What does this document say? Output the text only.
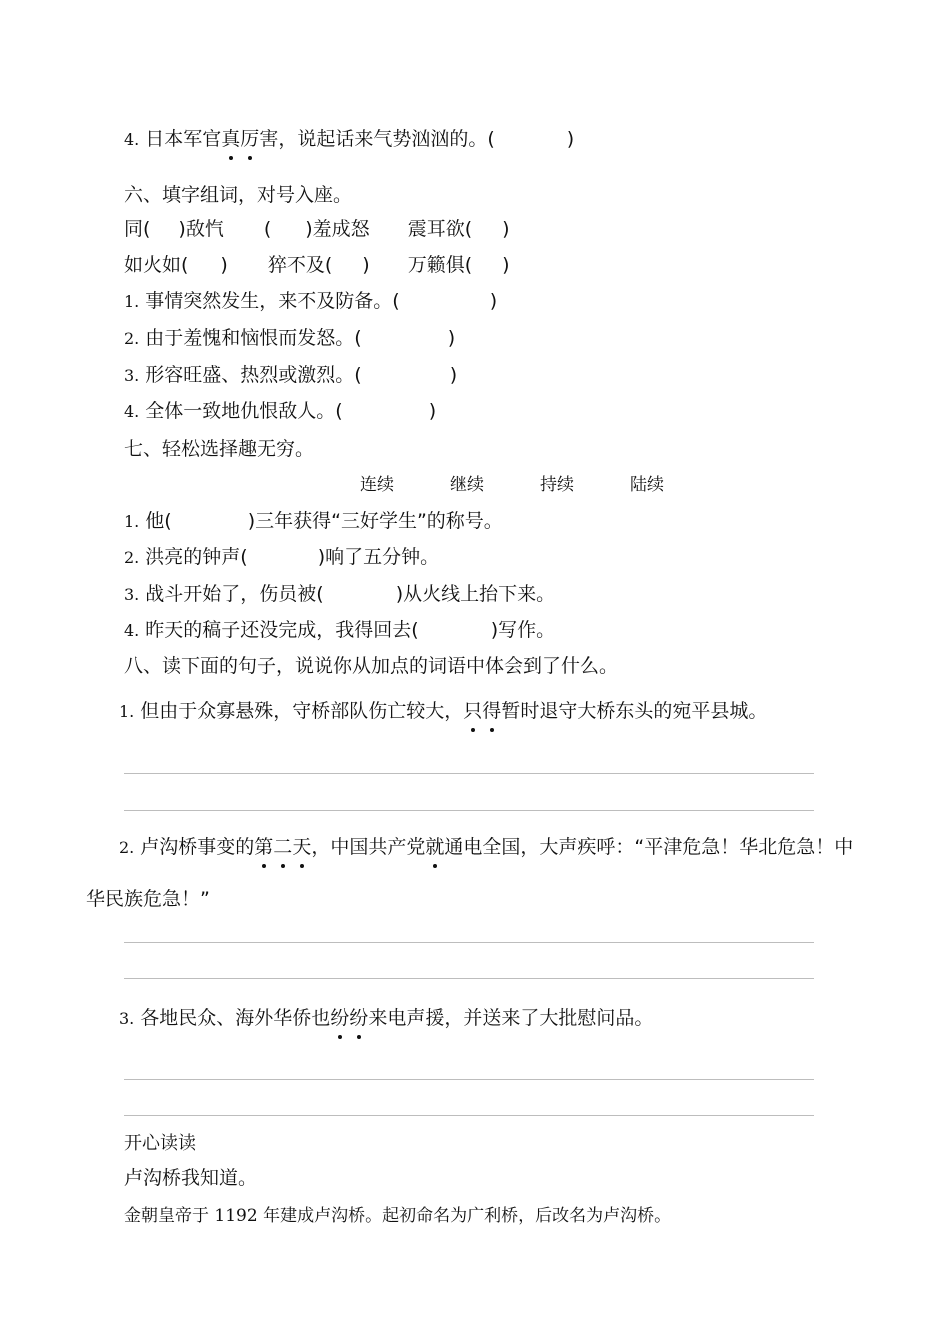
4. 日本军官真厉害，说起话来气势汹汹的。(	)
六、填字组词，对号入座。
同( )敌忾 ( )羞成怒 震耳欲( )
如火如( ) 猝不及( ) 万籁俱( )
1. 事情突然发生，来不及防备。(	)
2. 由于羞愧和恼恨而发怒。(	)
3. 形容旺盛、热烈或激烈。(	)
4. 全体一致地仇恨敌人。(	)
七、轻松选择趣无穷。
连续	继续	持续	陆续
1. 他(	)三年获得“三好学生”的称号。
2. 洪亮的钟声(	)响了五分钟。
3. 战斗开始了，伤员被(	)从火线上抬下来。
4. 昨天的稿子还没完成，我得回去(	)写作。
八、读下面的句子，说说你从加点的词语中体会到了什么。
1. 但由于众寡悬殊，守桥部队伤亡较大，只得暂时退守大桥东头的宛平县城。
2. 卢沟桥事变的第二天，中国共产党就通电全国，大声疾呼：“平津危急！华北危急！中
华民族危急！”
3. 各地民众、海外华侨也纷纷来电声援，并送来了大批慰问品。
开心读读
卢沟桥我知道。
金朝皇帝于 1192 年建成卢沟桥。起初命名为广利桥，后改名为卢沟桥。
